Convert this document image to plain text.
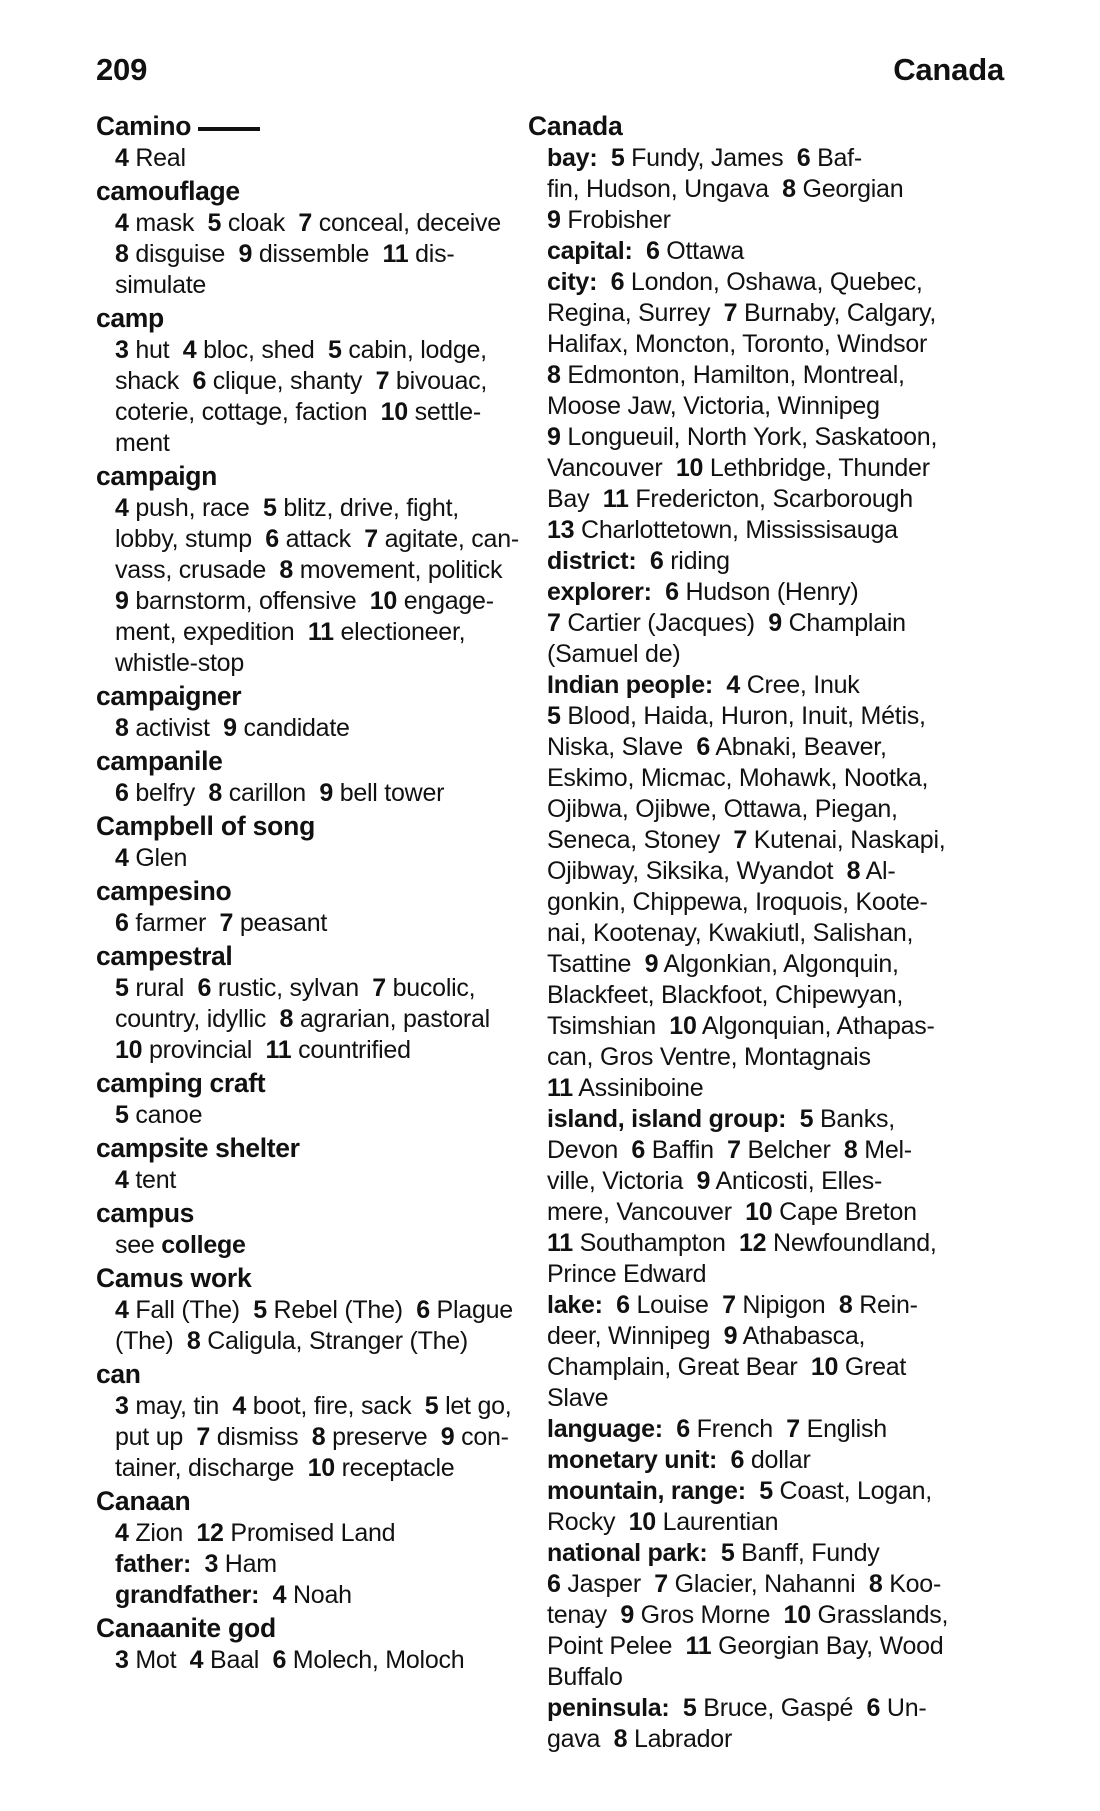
209	Canada
Camino
4 Real
camouflage
4 mask  5 cloak  7 conceal, deceive
8 disguise  9 dissemble  11 dis-
simulate
camp
3 hut  4 bloc, shed  5 cabin, lodge,
shack  6 clique, shanty  7 bivouac,
coterie, cottage, faction  10 settle-
ment
campaign
4 push, race  5 blitz, drive, fight,
lobby, stump  6 attack  7 agitate, can-
vass, crusade  8 movement, politick
9 barnstorm, offensive  10 engage-
ment, expedition  11 electioneer,
whistle-stop
campaigner
8 activist  9 candidate
campanile
6 belfry  8 carillon  9 bell tower
Campbell of song
4 Glen
campesino
6 farmer  7 peasant
campestral
5 rural  6 rustic, sylvan  7 bucolic,
country, idyllic  8 agrarian, pastoral
10 provincial  11 countrified
camping craft
5 canoe
campsite shelter
4 tent
campus
see college
Camus work
4 Fall (The)  5 Rebel (The)  6 Plague
(The)  8 Caligula, Stranger (The)
can
3 may, tin  4 boot, fire, sack  5 let go,
put up  7 dismiss  8 preserve  9 con-
tainer, discharge  10 receptacle
Canaan
4 Zion  12 Promised Land
father: 3 Ham
grandfather: 4 Noah
Canaanite god
3 Mot  4 Baal  6 Molech, Moloch
Canada
bay: 5 Fundy, James  6 Baf-
fin, Hudson, Ungava  8 Georgian
9 Frobisher
capital: 6 Ottawa
city: 6 London, Oshawa, Quebec,
Regina, Surrey  7 Burnaby, Calgary,
Halifax, Moncton, Toronto, Windsor
8 Edmonton, Hamilton, Montreal,
Moose Jaw, Victoria, Winnipeg
9 Longueuil, North York, Saskatoon,
Vancouver  10 Lethbridge, Thunder
Bay  11 Fredericton, Scarborough
13 Charlottetown, Mississisauga
district: 6 riding
explorer: 6 Hudson (Henry)
7 Cartier (Jacques)  9 Champlain
(Samuel de)
Indian people: 4 Cree, Inuk
5 Blood, Haida, Huron, Inuit, Métis,
Niska, Slave  6 Abnaki, Beaver,
Eskimo, Micmac, Mohawk, Nootka,
Ojibwa, Ojibwe, Ottawa, Piegan,
Seneca, Stoney  7 Kutenai, Naskapi,
Ojibway, Siksika, Wyandot  8 Al-
gonkin, Chippewa, Iroquois, Koote-
nai, Kootenay, Kwakiutl, Salishan,
Tsattine  9 Algonkian, Algonquin,
Blackfeet, Blackfoot, Chipewyan,
Tsimshian  10 Algonquian, Athapas-
can, Gros Ventre, Montagnais
11 Assiniboine
island, island group: 5 Banks,
Devon  6 Baffin  7 Belcher  8 Mel-
ville, Victoria  9 Anticosti, Elles-
mere, Vancouver  10 Cape Breton
11 Southampton  12 Newfoundland,
Prince Edward
lake: 6 Louise  7 Nipigon  8 Rein-
deer, Winnipeg  9 Athabasca,
Champlain, Great Bear  10 Great
Slave
language: 6 French  7 English
monetary unit: 6 dollar
mountain, range: 5 Coast, Logan,
Rocky  10 Laurentian
national park: 5 Banff, Fundy
6 Jasper  7 Glacier, Nahanni  8 Koo-
tenay  9 Gros Morne  10 Grasslands,
Point Pelee  11 Georgian Bay, Wood
Buffalo
peninsula: 5 Bruce, Gaspé  6 Un-
gava  8 Labrador
